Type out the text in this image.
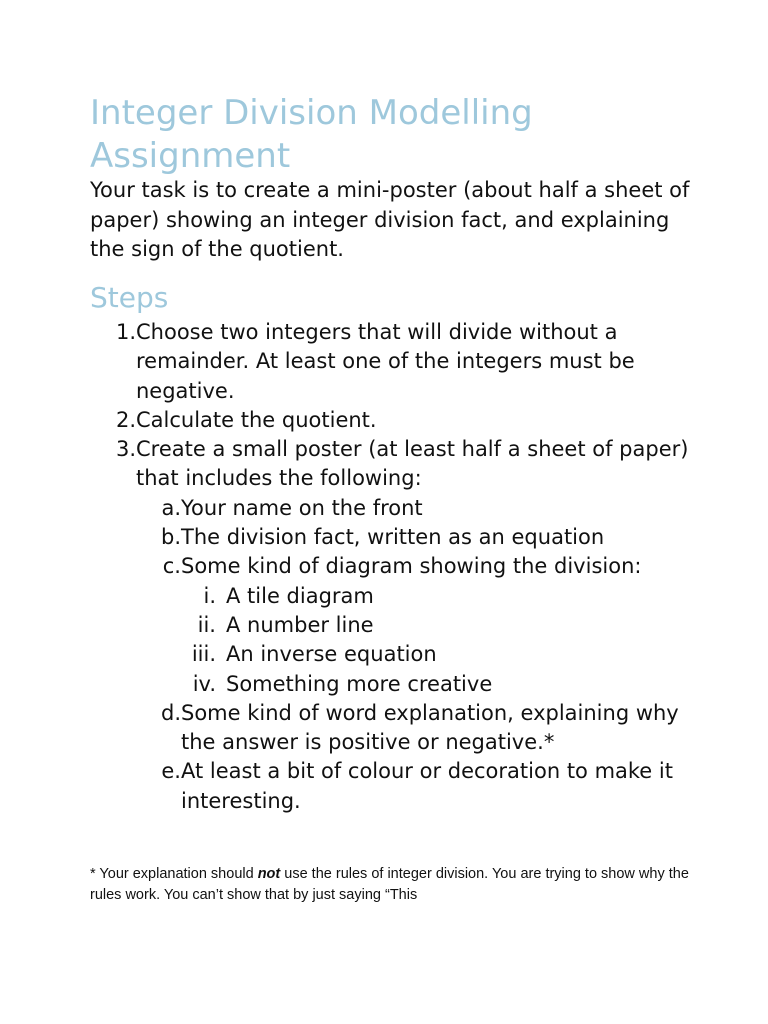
Integer Division Modelling Assignment

Your task is to create a mini-poster (about half a sheet of paper) showing an integer division fact, and explaining the sign of the quotient.

Steps
1. Choose two integers that will divide without a remainder. At least one of the integers must be negative.
2. Calculate the quotient.
3. Create a small poster (at least half a sheet of paper) that includes the following:
a. Your name on the front
b. The division fact, written as an equation
c. Some kind of diagram showing the division:
i. A tile diagram
ii. A number line
iii. An inverse equation
iv. Something more creative
d. Some kind of word explanation, explaining why the answer is positive or negative.*
e. At least a bit of colour or decoration to make it interesting.

* Your explanation should not use the rules of integer division. You are trying to show why the rules work. You can’t show that by just saying “This
